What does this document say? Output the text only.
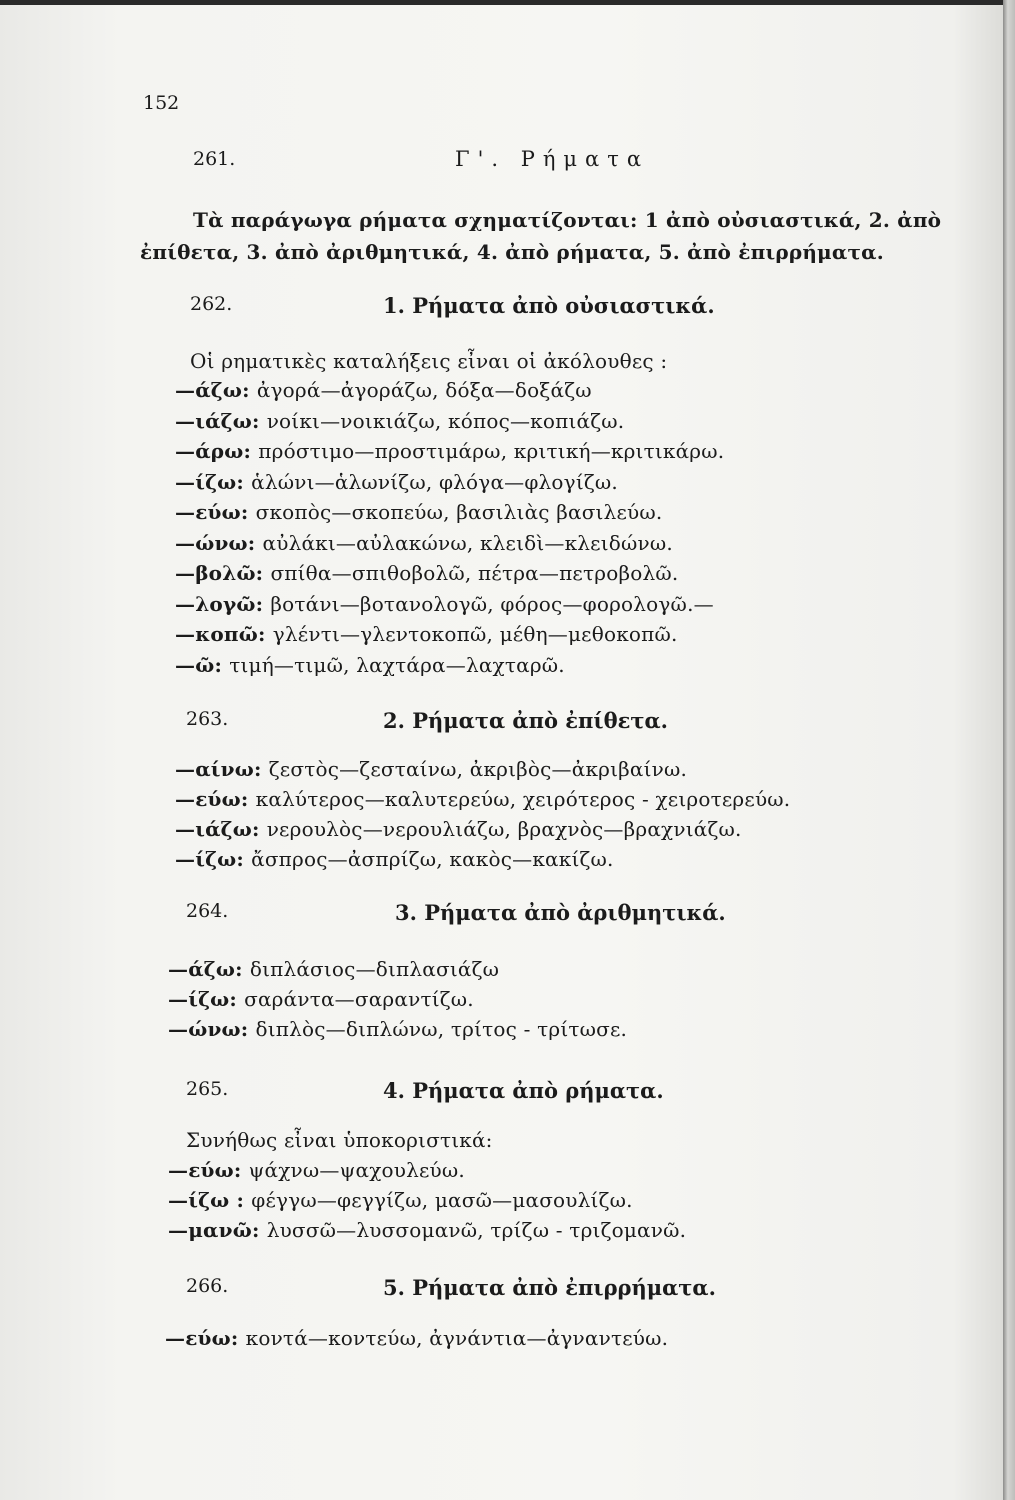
152
261.	Γ'. Ρήματα
Τὰ παράγωγα ρήματα σχηματίζονται: 1 ἀπὸ οὐσιαστικά, 2. ἀπὸ
ἐπίθετα, 3. ἀπὸ ἀριθμητικά, 4. ἀπὸ ρήματα, 5. ἀπὸ ἐπιρρήματα.
262.	1. Ρήματα ἀπὸ οὐσιαστικά.
Οἱ ρηματικὲς καταλήξεις εἶναι οἱ ἀκόλουθες :
—άζω: ἀγορά—ἀγοράζω, δόξα—δοξάζω
—ιάζω: νοίκι—νοικιάζω, κόπος—κοπιάζω.
—άρω: πρόστιμο—προστιμάρω, κριτική—κριτικάρω.
—ίζω: ἁλώνι—ἁλωνίζω, φλόγα—φλογίζω.
—εύω: σκοπὸς—σκοπεύω, βασιλιὰς βασιλεύω.
—ώνω: αὐλάκι—αὐλακώνω, κλειδὶ—κλειδώνω.
—βολῶ: σπίθα—σπιθοβολῶ, πέτρα—πετροβολῶ.
—λογῶ: βοτάνι—βοτανολογῶ, φόρος—φορολογῶ.—
—κοπῶ: γλέντι—γλεντοκοπῶ, μέθη—μεθοκοπῶ.
—ῶ: τιμή—τιμῶ, λαχτάρα—λαχταρῶ.
263.	2. Ρήματα ἀπὸ ἐπίθετα.
—αίνω: ζεστὸς—ζεσταίνω, ἀκριβὸς—ἀκριβαίνω.
—εύω: καλύτερος—καλυτερεύω, χειρότερος - χειροτερεύω.
—ιάζω: νερουλὸς—νερουλιάζω, βραχνὸς—βραχνιάζω.
—ίζω: ἄσπρος—ἀσπρίζω, κακὸς—κακίζω.
264.	3. Ρήματα ἀπὸ ἀριθμητικά.
—άζω: διπλάσιος—διπλασιάζω
—ίζω: σαράντα—σαραντίζω.
—ώνω: διπλὸς—διπλώνω, τρίτος - τρίτωσε.
265.	4. Ρήματα ἀπὸ ρήματα.
Συνήθως εἶναι ὑποκοριστικά:
—εύω: ψάχνω—ψαχουλεύω.
—ίζω : φέγγω—φεγγίζω, μασῶ—μασουλίζω.
—μανῶ: λυσσῶ—λυσσομανῶ, τρίζω - τριζομανῶ.
266.	5. Ρήματα ἀπὸ ἐπιρρήματα.
—εύω: κοντά—κοντεύω, ἀγνάντια—ἀγναντεύω.
